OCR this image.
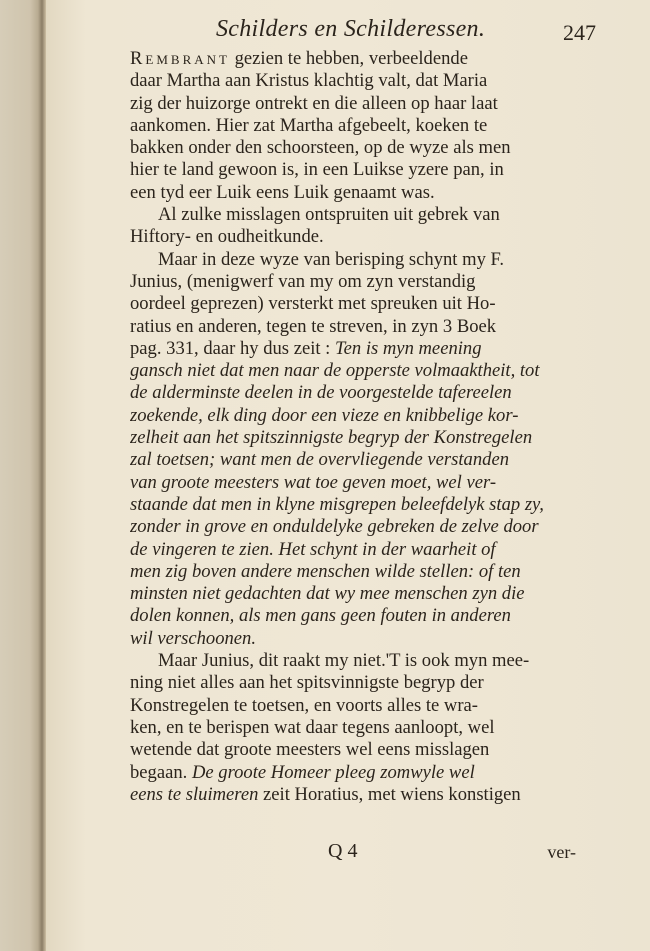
Schilders en Schilderessen.	247
Rembrant gezien te hebben, verbeeldende
daar Martha aan Kristus klachtig valt, dat Maria
zig der huizorge ontrekt en die alleen op haar laat
aankomen. Hier zat Martha afgebeelt, koeken te
bakken onder den schoorsteen, op de wyze als men
hier te land gewoon is, in een Luikse yzere pan, in
een tyd eer Luik eens Luik genaamt was.
Al zulke misslagen ontspruiten uit gebrek van
Hiftory- en oudheitkunde.
Maar in deze wyze van berisping schynt my F.
Junius, (menigwerf van my om zyn verstandig
oordeel geprezen) versterkt met spreuken uit Ho-
ratius en anderen, tegen te streven, in zyn 3 Boek
pag. 331, daar hy dus zeit : Ten is myn meening
gansch niet dat men naar de opperste volmaaktheit, tot
de alderminste deelen in de voorgestelde tafereelen
zoekende, elk ding door een vieze en knibbelige kor-
zelheit aan het spitszinnigste begryp der Konstregelen
zal toetsen; want men de overvliegende verstanden
van groote meesters wat toe geven moet, wel ver-
staande dat men in klyne misgrepen beleefdelyk stap zy,
zonder in grove en onduldelyke gebreken de zelve door
de vingeren te zien. Het schynt in der waarheit of
men zig boven andere menschen wilde stellen: of ten
minsten niet gedachten dat wy mee menschen zyn die
dolen konnen, als men gans geen fouten in anderen
wil verschoonen.
Maar Junius, dit raakt my niet.'T is ook myn mee-
ning niet alles aan het spitsvinnigste begryp der
Konstregelen te toetsen, en voorts alles te wra-
ken, en te berispen wat daar tegens aanloopt, wel
wetende dat groote meesters wel eens misslagen
begaan. De groote Homeer pleeg zomwyle wel
eens te sluimeren zeit Horatius, met wiens konstigen
Q 4	ver-
